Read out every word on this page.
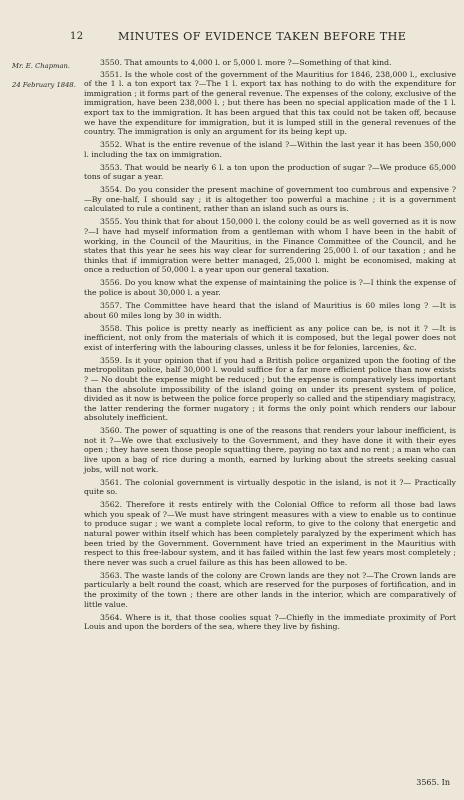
12	MINUTES OF EVIDENCE TAKEN BEFORE THE
Mr. E. Chapman.
24 February 1848.

3550. That amounts to 4,000 l. or 5,000 l. more ?—Something of that kind.

3551. Is the whole cost of the government of the Mauritius for 1846, 238,000 l., exclusive of the 1 l. a ton export tax ?—The 1 l. export tax has nothing to do with the expenditure for immigration ; it forms part of the general revenue. The expenses of the colony, exclusive of the immigration, have been 238,000 l. ; but there has been no special application made of the 1 l. export tax to the immigration. It has been argued that this tax could not be taken off, because we have the expenditure for immigration, but it is lumped still in the general revenues of the country. The immigration is only an argument for its being kept up.

3552. What is the entire revenue of the island ?—Within the last year it has been 350,000 l. including the tax on immigration.

3553. That would be nearly 6 l. a ton upon the production of sugar ?—We produce 65,000 tons of sugar a year.

3554. Do you consider the present machine of government too cumbrous and expensive ?—By one-half, I should say ; it is altogether too powerful a machine ; it is a government calculated to rule a continent, rather than an island such as ours is.

3555. You think that for about 150,000 l. the colony could be as well governed as it is now ?—I have had myself information from a gentleman with whom I have been in the habit of working, in the Council of the Mauritius, in the Finance Committee of the Council, and he states that this year he sees his way clear for surrendering 25,000 l. of our taxation ; and he thinks that if immigration were better managed, 25,000 l. might be economised, making at once a reduction of 50,000 l. a year upon our general taxation.

3556. Do you know what the expense of maintaining the police is ?—I think the expense of the police is about 30,000 l. a year.

3557. The Committee have heard that the island of Mauritius is 60 miles long ? —It is about 60 miles long by 30 in width.

3558. This police is pretty nearly as inefficient as any police can be, is not it ? —It is inefficient, not only from the materials of which it is composed, but the legal power does not exist of interfering with the labouring classes, unless it be for felonies, larcenies, &c.

3559. Is it your opinion that if you had a British police organized upon the footing of the metropolitan police, half 30,000 l. would suffice for a far more efficient police than now exists ? — No doubt the expense might be reduced ; but the expense is comparatively less important than the absolute impossibility of the island going on under its present system of police, divided as it now is between the police force properly so called and the stipendiary magistracy, the latter rendering the former nugatory ; it forms the only point which renders our labour absolutely inefficient.

3560. The power of squatting is one of the reasons that renders your labour inefficient, is not it ?—We owe that exclusively to the Government, and they have done it with their eyes open ; they have seen those people squatting there, paying no tax and no rent ; a man who can live upon a bag of rice during a month, earned by lurking about the streets seeking casual jobs, will not work.

3561. The colonial government is virtually despotic in the island, is not it ?— Practically quite so.

3562. Therefore it rests entirely with the Colonial Office to reform all those bad laws which you speak of ?—We must have stringent measures with a view to enable us to continue to produce sugar ; we want a complete local reform, to give to the colony that energetic and natural power within itself which has been completely paralyzed by the experiment which has been tried by the Government. Government have tried an experiment in the Mauritius with respect to this free-labour system, and it has failed within the last few years most completely ; there never was such a cruel failure as this has been allowed to be.

3563. The waste lands of the colony are Crown lands are they not ?—The Crown lands are particularly a belt round the coast, which are reserved for the purposes of fortification, and in the proximity of the town ; there are other lands in the interior, which are comparatively of little value.

3564. Where is it, that those coolies squat ?—Chiefly in the immediate proximity of Port Louis and upon the borders of the sea, where they live by fishing.

3565. In
